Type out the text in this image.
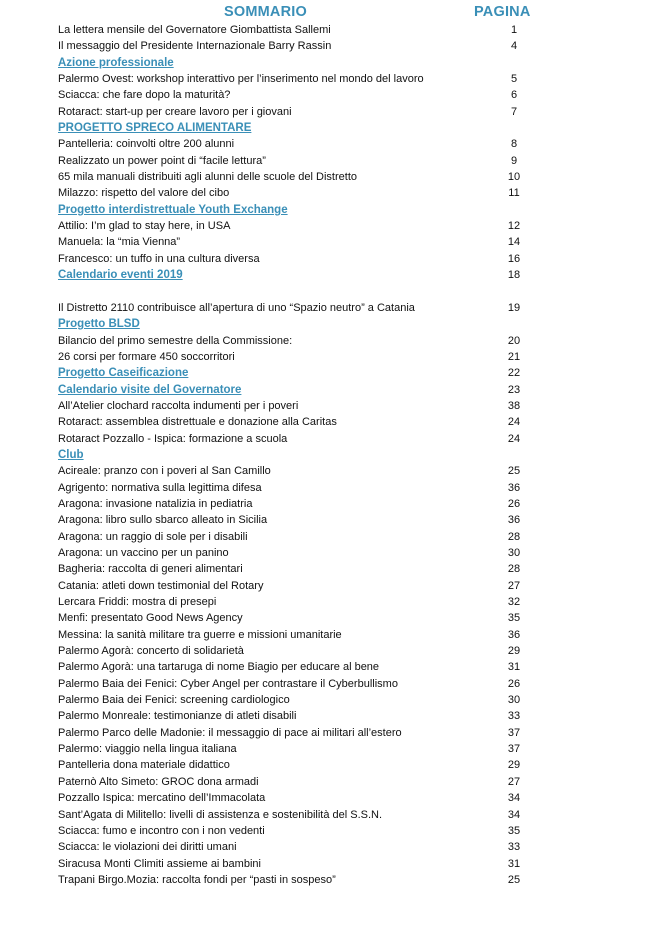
SOMMARIO	PAGINA
La lettera mensile del Governatore Giombattista Sallemi	1
Il messaggio del Presidente Internazionale Barry Rassin	4
Azione professionale
Palermo Ovest: workshop interattivo per l’inserimento nel mondo del lavoro	5
Sciacca: che fare dopo la maturità?	6
Rotaract: start-up per creare lavoro per i giovani	7
PROGETTO SPRECO ALIMENTARE
Pantelleria: coinvolti oltre 200 alunni	8
Realizzato un power point di “facile lettura”	9
65 mila manuali distribuiti agli alunni delle scuole del Distretto	10
Milazzo: rispetto del valore del cibo	11
Progetto interdistrettuale Youth Exchange
Attilio: I’m glad to stay here, in USA	12
Manuela: la “mia Vienna”	14
Francesco: un tuffo in una cultura diversa	16
Calendario eventi 2019	18
Il Distretto 2110 contribuisce all’apertura di uno “Spazio neutro” a Catania	19
Progetto BLSD
Bilancio del primo semestre della Commissione:	20
26 corsi per formare 450 soccorritori	21
Progetto Caseificazione	22
Calendario visite del Governatore	23
All’Atelier clochard raccolta indumenti per i poveri	38
Rotaract: assemblea distrettuale e donazione alla Caritas	24
Rotaract Pozzallo - Ispica: formazione a scuola	24
Club
Acireale: pranzo con i poveri al San Camillo	25
Agrigento: normativa sulla legittima difesa	36
Aragona: invasione natalizia in pediatria	26
Aragona: libro sullo sbarco alleato in Sicilia	36
Aragona: un raggio di sole per i disabili	28
Aragona: un vaccino per un panino	30
Bagheria: raccolta di generi alimentari	28
Catania: atleti down testimonial del Rotary	27
Lercara Friddi: mostra di presepi	32
Menfi: presentato Good News Agency	35
Messina: la sanità militare tra guerre e missioni umanitarie	36
Palermo Agorà: concerto di solidarietà	29
Palermo Agorà: una tartaruga di nome Biagio per educare al bene	31
Palermo Baia dei Fenici: Cyber Angel per contrastare il Cyberbullismo	26
Palermo Baia dei Fenici: screening cardiologico	30
Palermo Monreale: testimonianze di atleti disabili	33
Palermo Parco delle Madonie: il messaggio di pace ai militari all’estero	37
Palermo: viaggio nella lingua italiana	37
Pantelleria dona materiale didattico	29
Paternò Alto Simeto: GROC dona armadi	27
Pozzallo Ispica: mercatino dell’Immacolata	34
Sant’Agata di Militello: livelli di assistenza e sostenibilità del S.S.N.	34
Sciacca: fumo e incontro con i non vedenti	35
Sciacca: le violazioni dei diritti umani	33
Siracusa Monti Climiti assieme ai bambini	31
Trapani Birgo.Mozia: raccolta fondi per “pasti in sospeso”	25
